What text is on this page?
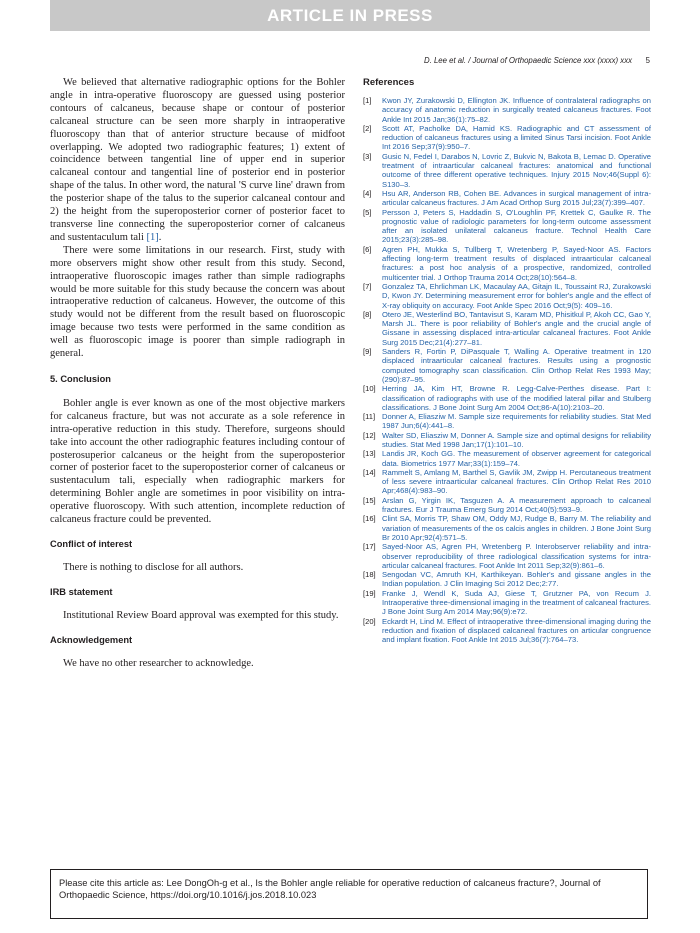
ARTICLE IN PRESS
D. Lee et al. / Journal of Orthopaedic Science xxx (xxxx) xxx 5

We believed that alternative radiographic options for the Bohler angle in intra-operative fluoroscopy are guessed using posterior contours of calcaneus, because shape or contour of posterior calcaneal structure can be seen more sharply in intraoperative fluoroscopy than that of anterior structure because of midfoot overlapping. We adopted two radiographic features; 1) extent of coincidence between tangential line of upper end in superior calcaneal contour and tangential line of posterior end in posterior shape of the talus. In other word, the natural 'S curve line' drawn from the posterior shape of the talus to the superior calcaneal contour and 2) the height from the superoposterior corner of posterior facet to transverse line connecting the superoposterior corner of calcaneus and sustentaculum tali [1].

There were some limitations in our research. First, study with more observers might show other result from this study. Second, intraoperative fluoroscopic images rather than simple radiographs would be more suitable for this study because the concern was about intraoperative reduction of calcaneus. However, the outcome of this study would not be different from the result based on fluoroscopic image because two tests were performed in the same condition as well as fluoroscopic image is poorer than simple radiograph in general.

5. Conclusion

Bohler angle is ever known as one of the most objective markers for calcaneus fracture, but was not accurate as a sole reference in intra-operative reduction in this study. Therefore, surgeons should take into account the other radiographic features including contour of posterosuperior calcaneus or the height from the superoposterior corner of posterior facet to the superoposterior corner of calcaneus or sustentaculum tali, especially when radiographic markers for determining Bohler angle are sometimes in poor visibility on intra-operative fluoroscopy. With such attention, incomplete reduction of calcaneus fracture could be prevented.

Conflict of interest

There is nothing to disclose for all authors.

IRB statement

Institutional Review Board approval was exempted for this study.

Acknowledgement

We have no other researcher to acknowledge.

References
[1] Kwon JY, Zurakowski D, Ellington JK. Influence of contralateral radiographs on accuracy of anatomic reduction in surgically treated calcaneus fractures. Foot Ankle Int 2015 Jan;36(1):75–82.
[2] Scott AT, Pacholke DA, Hamid KS. Radiographic and CT assessment of reduction of calcaneus fractures using a limited Sinus Tarsi incision. Foot Ankle Int 2016 Sep;37(9):950–7.
[3] Gusic N, Fedel I, Darabos N, Lovric Z, Bukvic N, Bakota B, Lemac D. Operative treatment of intraarticular calcaneal fractures: anatomical and functional outcome of three different operative techniques. Injury 2015 Nov;46(Suppl 6): S130–3.
[4] Hsu AR, Anderson RB, Cohen BE. Advances in surgical management of intra-articular calcaneus fractures. J Am Acad Orthop Surg 2015 Jul;23(7):399–407.
[5] Persson J, Peters S, Haddadin S, O'Loughlin PF, Krettek C, Gaulke R. The prognostic value of radiologic parameters for long-term outcome assessment after an isolated unilateral calcaneus fracture. Technol Health Care 2015;23(3):285–98.
[6] Agren PH, Mukka S, Tullberg T, Wretenberg P, Sayed-Noor AS. Factors affecting long-term treatment results of displaced intraarticular calcaneal fractures: a post hoc analysis of a prospective, randomized, controlled multicenter trial. J Orthop Trauma 2014 Oct;28(10):564–8.
[7] Gonzalez TA, Ehrlichman LK, Macaulay AA, Gitajn IL, Toussaint RJ, Zurakowski D, Kwon JY. Determining measurement error for bohler's angle and the effect of X-ray obliquity on accuracy. Foot Ankle Spec 2016 Oct;9(5): 409–16.
[8] Otero JE, Westerlind BO, Tantavisut S, Karam MD, Phisitkul P, Akoh CC, Gao Y, Marsh JL. There is poor reliability of Bohler's angle and the crucial angle of Gissane in assessing displaced intra-articular calcaneal fractures. Foot Ankle Surg 2015 Dec;21(4):277–81.
[9] Sanders R, Fortin P, DiPasquale T, Walling A. Operative treatment in 120 displaced intraarticular calcaneal fractures. Results using a prognostic computed tomography scan classification. Clin Orthop Relat Res 1993 May;(290):87–95.
[10] Herring JA, Kim HT, Browne R. Legg-Calve-Perthes disease. Part I: classification of radiographs with use of the modified lateral pillar and Stulberg classifications. J Bone Joint Surg Am 2004 Oct;86-A(10):2103–20.
[11] Donner A, Eliasziw M. Sample size requirements for reliability studies. Stat Med 1987 Jun;6(4):441–8.
[12] Walter SD, Eliasziw M, Donner A. Sample size and optimal designs for reliability studies. Stat Med 1998 Jan;17(1):101–10.
[13] Landis JR, Koch GG. The measurement of observer agreement for categorical data. Biometrics 1977 Mar;33(1):159–74.
[14] Rammelt S, Amlang M, Barthel S, Gavlik JM, Zwipp H. Percutaneous treatment of less severe intraarticular calcaneal fractures. Clin Orthop Relat Res 2010 Apr;468(4):983–90.
[15] Arslan G, Yirgin IK, Tasguzen A. A measurement approach to calcaneal fractures. Eur J Trauma Emerg Surg 2014 Oct;40(5):593–9.
[16] Clint SA, Morris TP, Shaw OM, Oddy MJ, Rudge B, Barry M. The reliability and variation of measurements of the os calcis angles in children. J Bone Joint Surg Br 2010 Apr;92(4):571–5.
[17] Sayed-Noor AS, Agren PH, Wretenberg P. Interobserver reliability and intra-observer reproducibility of three radiological classification systems for intra-articular calcaneal fractures. Foot Ankle Int 2011 Sep;32(9):861–6.
[18] Sengodan VC, Amruth KH, Karthikeyan. Bohler's and gissane angles in the Indian population. J Clin Imaging Sci 2012 Dec;2:77.
[19] Franke J, Wendl K, Suda AJ, Giese T, Grutzner PA, von Recum J. Intraoperative three-dimensional imaging in the treatment of calcaneal fractures. J Bone Joint Surg Am 2014 May;96(9):e72.
[20] Eckardt H, Lind M. Effect of intraoperative three-dimensional imaging during the reduction and fixation of displaced calcaneal fractures on articular congruence and implant fixation. Foot Ankle Int 2015 Jul;36(7):764–73.
Please cite this article as: Lee DongOh-g et al., Is the Bohler angle reliable for operative reduction of calcaneus fracture?, Journal of Orthopaedic Science, https://doi.org/10.1016/j.jos.2018.10.023
